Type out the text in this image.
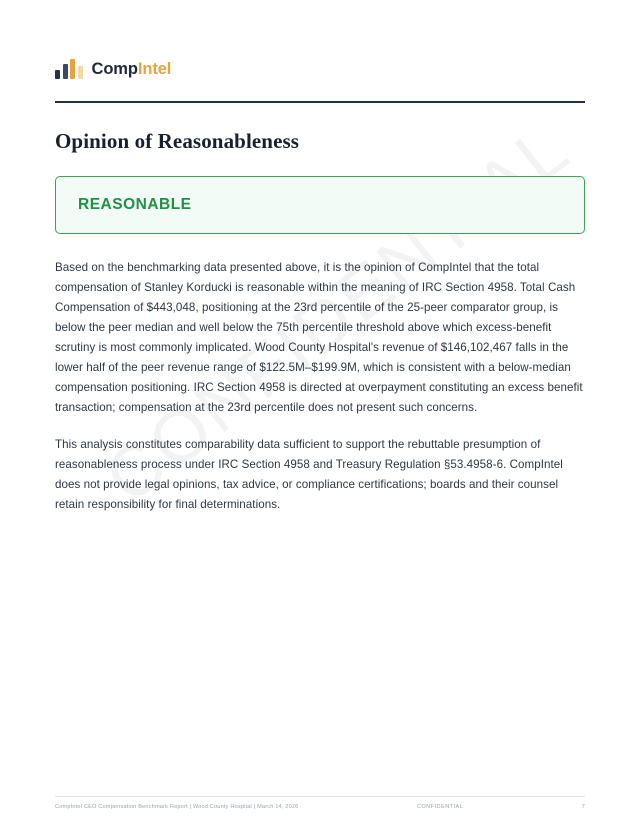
CompIntel
Opinion of Reasonableness
REASONABLE

Based on the benchmarking data presented above, it is the opinion of CompIntel that the total compensation of Stanley Korducki is reasonable within the meaning of IRC Section 4958. Total Cash Compensation of $443,048, positioning at the 23rd percentile of the 25-peer comparator group, is below the peer median and well below the 75th percentile threshold above which excess-benefit scrutiny is most commonly implicated. Wood County Hospital's revenue of $146,102,467 falls in the lower half of the peer revenue range of $122.5M–$199.9M, which is consistent with a below-median compensation positioning. IRC Section 4958 is directed at overpayment constituting an excess benefit transaction; compensation at the 23rd percentile does not present such concerns.

This analysis constitutes comparability data sufficient to support the rebuttable presumption of reasonableness process under IRC Section 4958 and Treasury Regulation §53.4958-6. CompIntel does not provide legal opinions, tax advice, or compliance certifications; boards and their counsel retain responsibility for final determinations.

CompIntel CEO Compensation Benchmark Report | Wood County Hospital | March 14, 2026	CONFIDENTIAL	7
